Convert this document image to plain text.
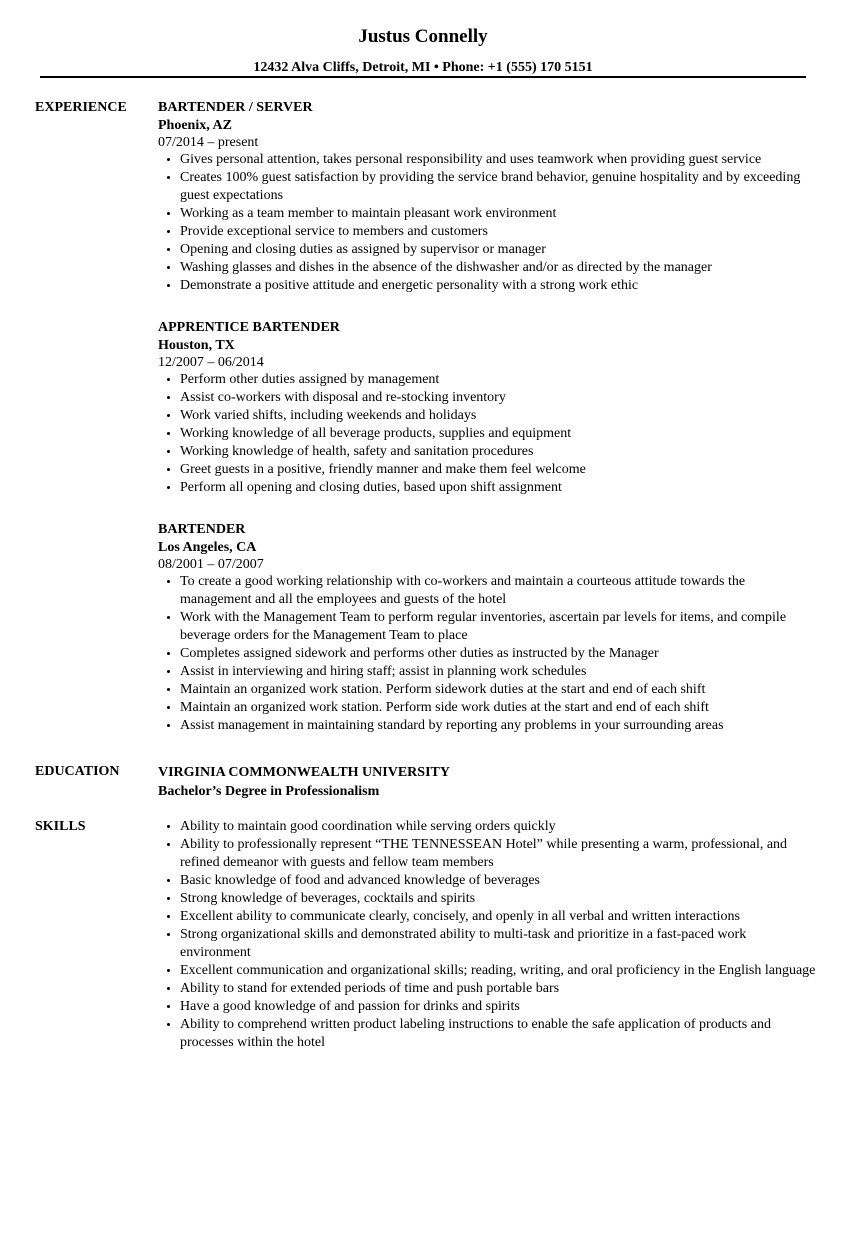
Justus Connelly
12432 Alva Cliffs, Detroit, MI • Phone: +1 (555) 170 5151
EXPERIENCE	BARTENDER / SERVER
Phoenix, AZ
07/2014 – present
• Gives personal attention, takes personal responsibility and uses teamwork when providing guest service
• Creates 100% guest satisfaction by providing the service brand behavior, genuine hospitality and by exceeding guest expectations
• Working as a team member to maintain pleasant work environment
• Provide exceptional service to members and customers
• Opening and closing duties as assigned by supervisor or manager
• Washing glasses and dishes in the absence of the dishwasher and/or as directed by the manager
• Demonstrate a positive attitude and energetic personality with a strong work ethic
APPRENTICE BARTENDER
Houston, TX
12/2007 – 06/2014
• Perform other duties assigned by management
• Assist co-workers with disposal and re-stocking inventory
• Work varied shifts, including weekends and holidays
• Working knowledge of all beverage products, supplies and equipment
• Working knowledge of health, safety and sanitation procedures
• Greet guests in a positive, friendly manner and make them feel welcome
• Perform all opening and closing duties, based upon shift assignment
BARTENDER
Los Angeles, CA
08/2001 – 07/2007
• To create a good working relationship with co-workers and maintain a courteous attitude towards the management and all the employees and guests of the hotel
• Work with the Management Team to perform regular inventories, ascertain par levels for items, and compile beverage orders for the Management Team to place
• Completes assigned sidework and performs other duties as instructed by the Manager
• Assist in interviewing and hiring staff; assist in planning work schedules
• Maintain an organized work station. Perform sidework duties at the start and end of each shift
• Maintain an organized work station. Perform side work duties at the start and end of each shift
• Assist management in maintaining standard by reporting any problems in your surrounding areas
EDUCATION	VIRGINIA COMMONWEALTH UNIVERSITY
Bachelor’s Degree in Professionalism
SKILLS
•	Ability to maintain good coordination while serving orders quickly
• Ability to professionally represent “THE TENNESSEAN Hotel” while presenting a warm, professional, and refined demeanor with guests and fellow team members
• Basic knowledge of food and advanced knowledge of beverages
• Strong knowledge of beverages, cocktails and spirits
• Excellent ability to communicate clearly, concisely, and openly in all verbal and written interactions
• Strong organizational skills and demonstrated ability to multi-task and prioritize in a fast-paced work environment
• Excellent communication and organizational skills; reading, writing, and oral proficiency in the English language
• Ability to stand for extended periods of time and push portable bars
• Have a good knowledge of and passion for drinks and spirits
• Ability to comprehend written product labeling instructions to enable the safe application of products and processes within the hotel
